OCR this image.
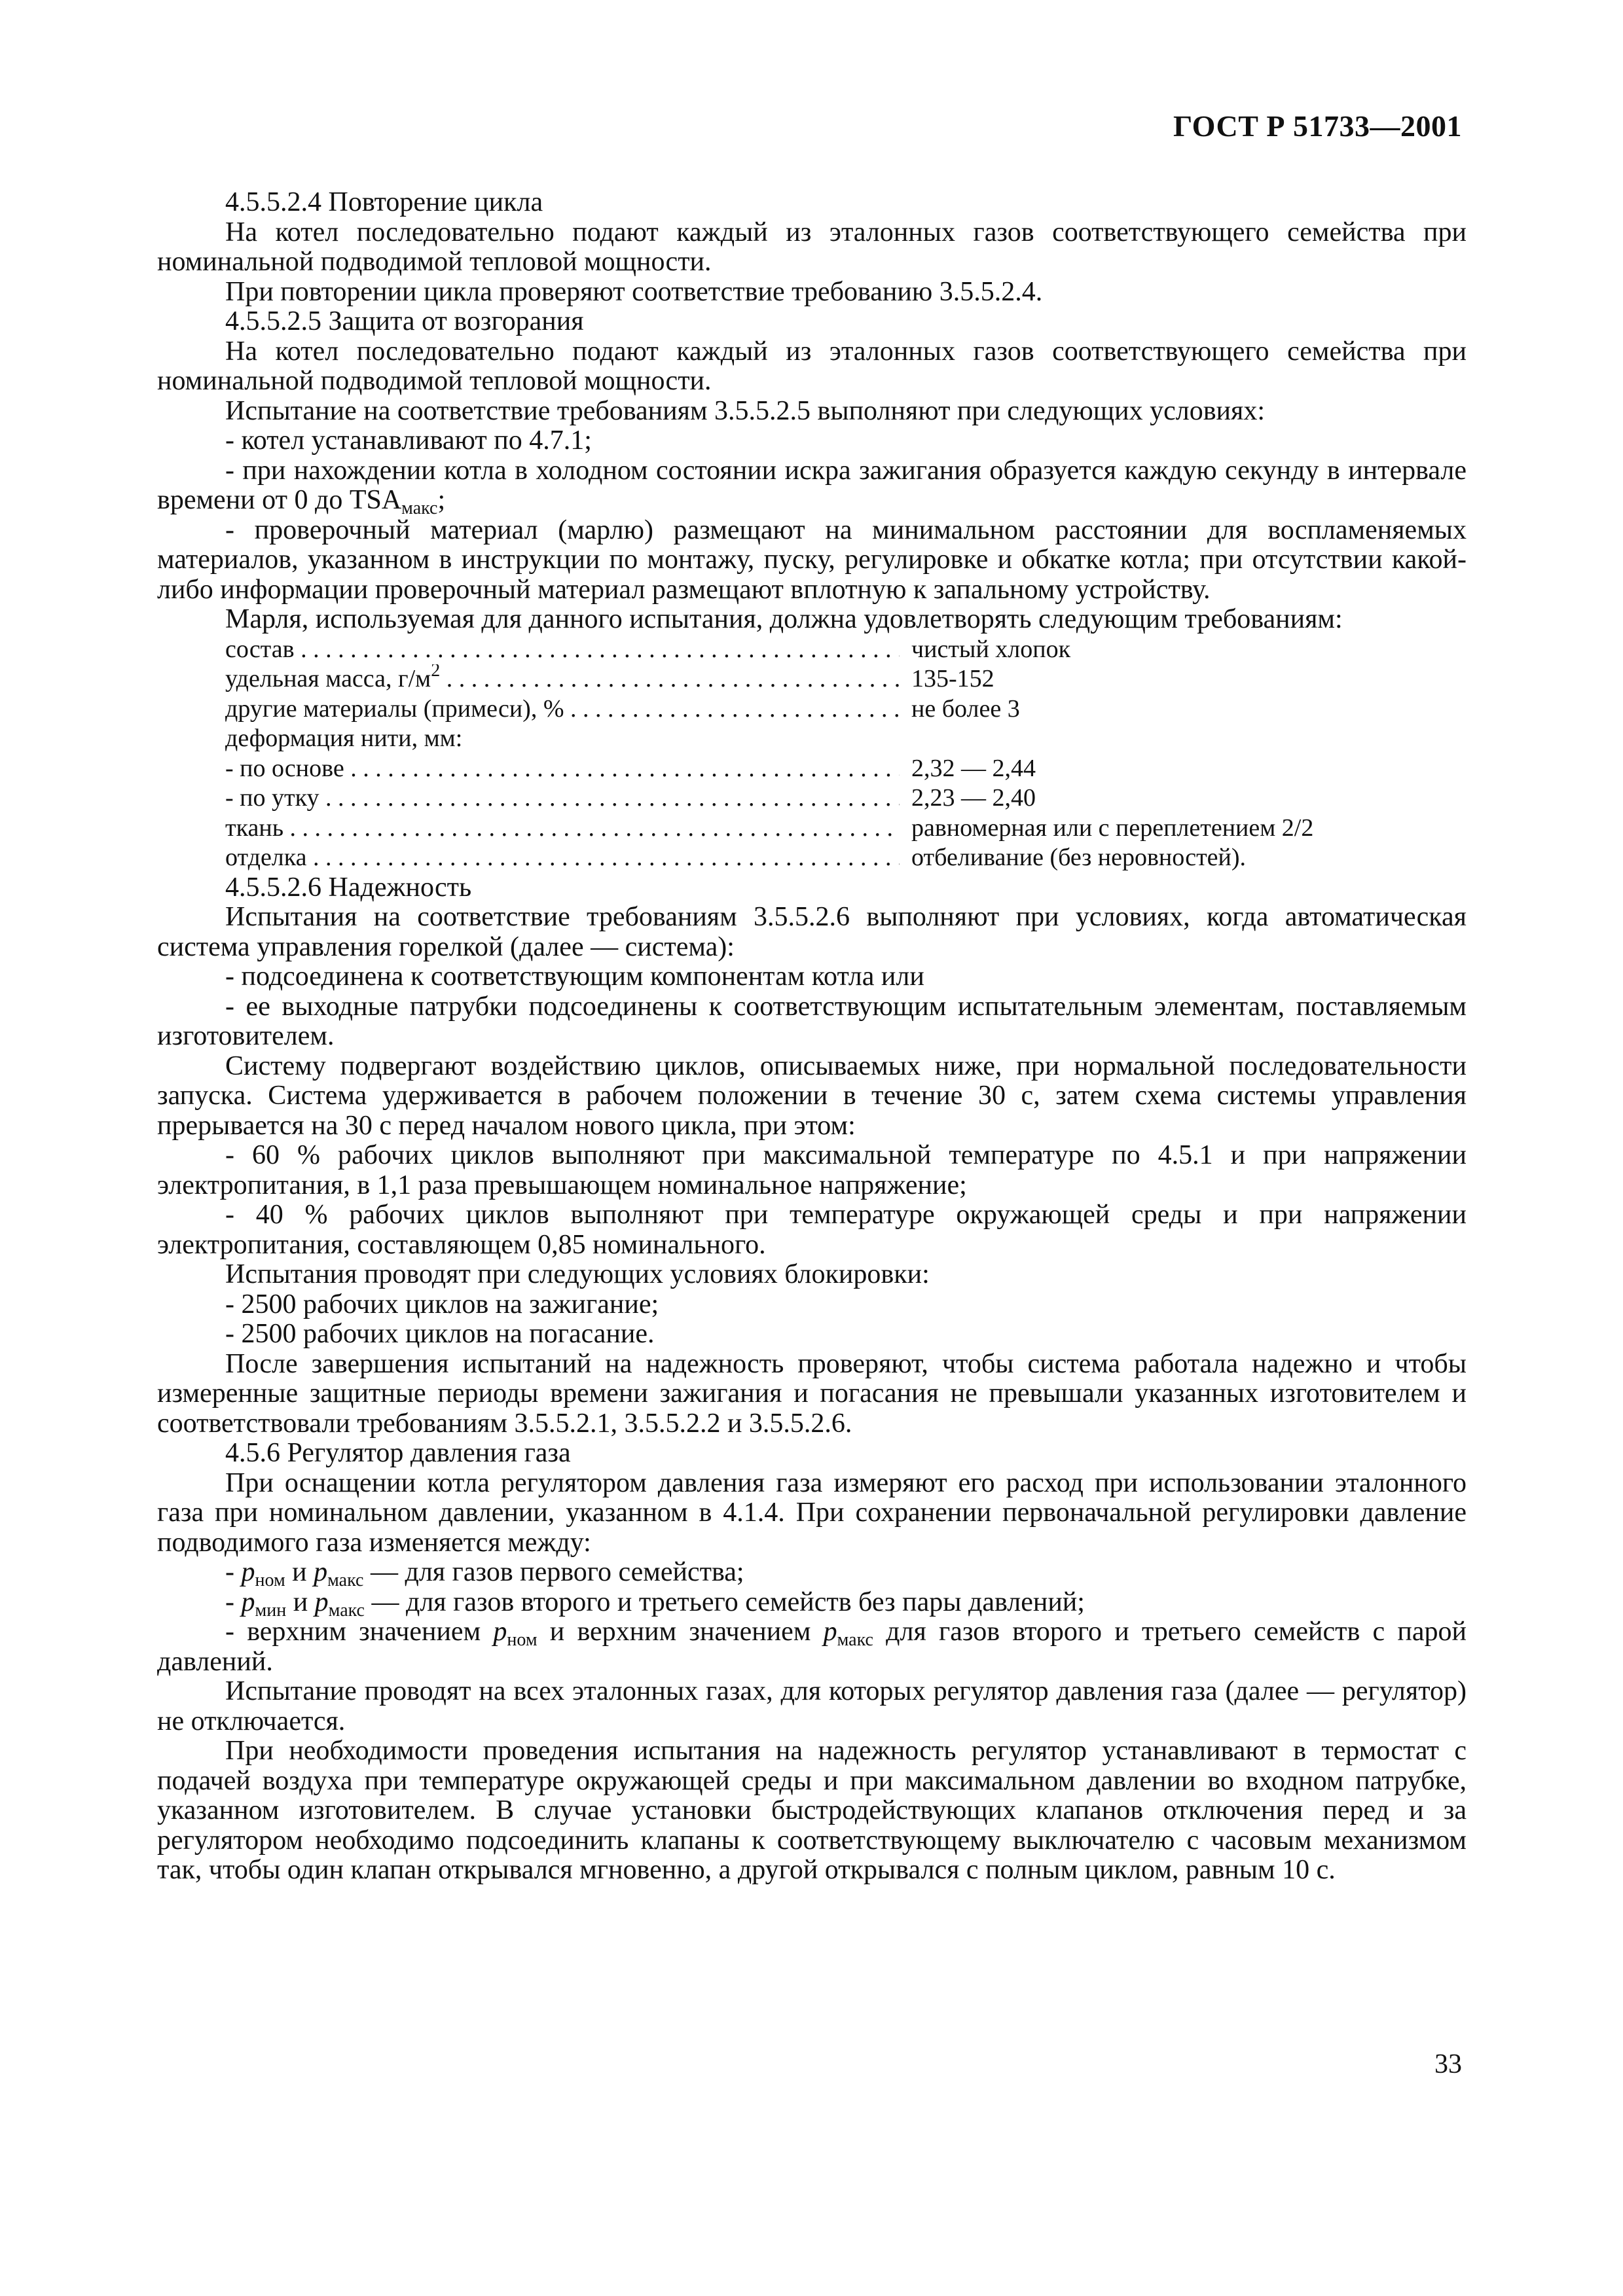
ГОСТ Р 51733—2001

4.5.5.2.4 Повторение цикла

На котел последовательно подают каждый из эталонных газов соответствующего семейства при номинальной подводимой тепловой мощности.

При повторении цикла проверяют соответствие требованию 3.5.5.2.4.

4.5.5.2.5 Защита от возгорания

На котел последовательно подают каждый из эталонных газов соответствующего семейства при номинальной подводимой тепловой мощности.

Испытание на соответствие требованиям 3.5.5.2.5 выполняют при следующих условиях:

- котел устанавливают по 4.7.1;

- при нахождении котла в холодном состоянии искра зажигания образуется каждую секунду в интервале времени от 0 до $TSA_{макс}$;

- проверочный материал (марлю) размещают на минимальном расстоянии для воспламеняемых материалов, указанном в инструкции по монтажу, пуску, регулировке и обкатке котла; при отсутствии какой-либо информации проверочный материал размещают вплотную к запальному устройству.

Марля, используемая для данного испытания, должна удовлетворять следующим требованиям:

состав . . .	чистый хлопок
удельная масса, $г/м^2$ . . .	135-152
другие материалы (примеси), % . . .	не более 3
деформация нити, мм:
- по основе . . .	2,32 — 2,44
- по утку . . .	2,23 — 2,40
ткань . . .	равномерная или с переплетением 2/2
отделка . . .	отбеливание (без неровностей).

4.5.5.2.6 Надежность

Испытания на соответствие требованиям 3.5.5.2.6 выполняют при условиях, когда автоматическая система управления горелкой (далее — система):

- подсоединена к соответствующим компонентам котла или

- ее выходные патрубки подсоединены к соответствующим испытательным элементам, поставляемым изготовителем.

Систему подвергают воздействию циклов, описываемых ниже, при нормальной последовательности запуска. Система удерживается в рабочем положении в течение 30 с, затем схема системы управления прерывается на 30 с перед началом нового цикла, при этом:

- 60 % рабочих циклов выполняют при максимальной температуре по 4.5.1 и при напряжении электропитания, в 1,1 раза превышающем номинальное напряжение;

- 40 % рабочих циклов выполняют при температуре окружающей среды и при напряжении электропитания, составляющем 0,85 номинального.

Испытания проводят при следующих условиях блокировки:

- 2500 рабочих циклов на зажигание;

- 2500 рабочих циклов на погасание.

После завершения испытаний на надежность проверяют, чтобы система работала надежно и чтобы измеренные защитные периоды времени зажигания и погасания не превышали указанных изготовителем и соответствовали требованиям 3.5.5.2.1, 3.5.5.2.2 и 3.5.5.2.6.

4.5.6 Регулятор давления газа

При оснащении котла регулятором давления газа измеряют его расход при использовании эталонного газа при номинальном давлении, указанном в 4.1.4. При сохранении первоначальной регулировки давление подводимого газа изменяется между:

- $p_{ном}$ и $p_{макс}$ — для газов первого семейства;

- $p_{мин}$ и $p_{макс}$ — для газов второго и третьего семейств без пары давлений;

- верхним значением $p_{ном}$ и верхним значением $p_{макс}$ для газов второго и третьего семейств с парой давлений.

Испытание проводят на всех эталонных газах, для которых регулятор давления газа (далее — регулятор) не отключается.

При необходимости проведения испытания на надежность регулятор устанавливают в термостат с подачей воздуха при температуре окружающей среды и при максимальном давлении во входном патрубке, указанном изготовителем. В случае установки быстродействующих клапанов отключения перед и за регулятором необходимо подсоединить клапаны к соответствующему выключателю с часовым механизмом так, чтобы один клапан открывался мгновенно, а другой открывался с полным циклом, равным 10 с.

33
